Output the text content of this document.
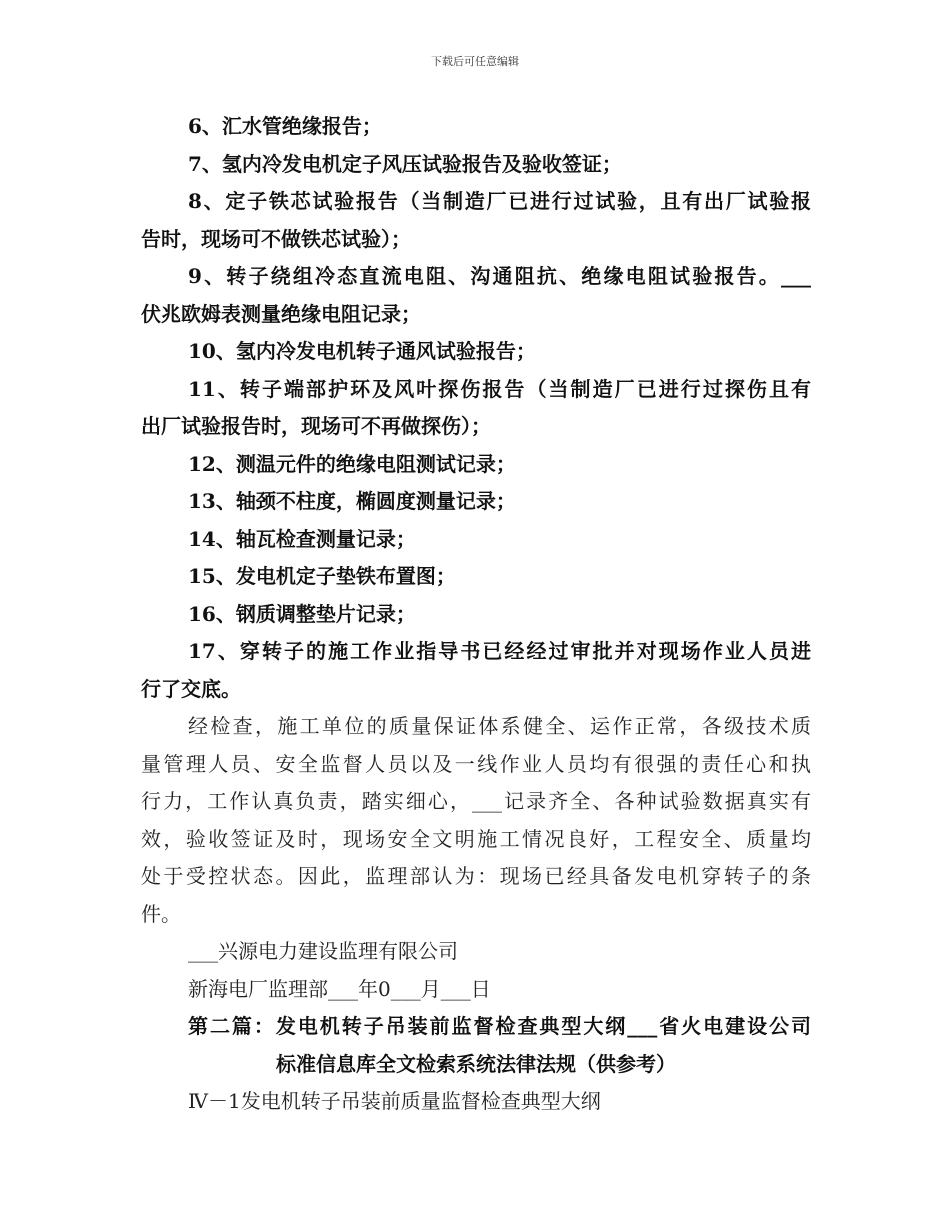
下载后可任意编辑
6、汇水管绝缘报告；
7、氢内冷发电机定子风压试验报告及验收签证；
8、定子铁芯试验报告（当制造厂已进行过试验，且有出厂试验报
告时，现场可不做铁芯试验）；
9、转子绕组冷态直流电阻、沟通阻抗、绝缘电阻试验报告。___
伏兆欧姆表测量绝缘电阻记录；
10、氢内冷发电机转子通风试验报告；
11、转子端部护环及风叶探伤报告（当制造厂已进行过探伤且有
出厂试验报告时，现场可不再做探伤）；
12、测温元件的绝缘电阻测试记录；
13、轴颈不柱度，椭圆度测量记录；
14、轴瓦检查测量记录；
15、发电机定子垫铁布置图；
16、钢质调整垫片记录；
17、穿转子的施工作业指导书已经经过审批并对现场作业人员进
行了交底。
经检查，施工单位的质量保证体系健全、运作正常，各级技术质
量管理人员、安全监督人员以及一线作业人员均有很强的责任心和执
行力，工作认真负责，踏实细心，___记录齐全、各种试验数据真实有
效，验收签证及时，现场安全文明施工情况良好，工程安全、质量均
处于受控状态。因此，监理部认为：现场已经具备发电机穿转子的条
件。
___兴源电力建设监理有限公司
新海电厂监理部___年0___月___日
第二篇：发电机转子吊装前监督检查典型大纲___省火电建设公司
标准信息库全文检索系统法律法规（供参考）
Ⅳ－1发电机转子吊装前质量监督检查典型大纲
